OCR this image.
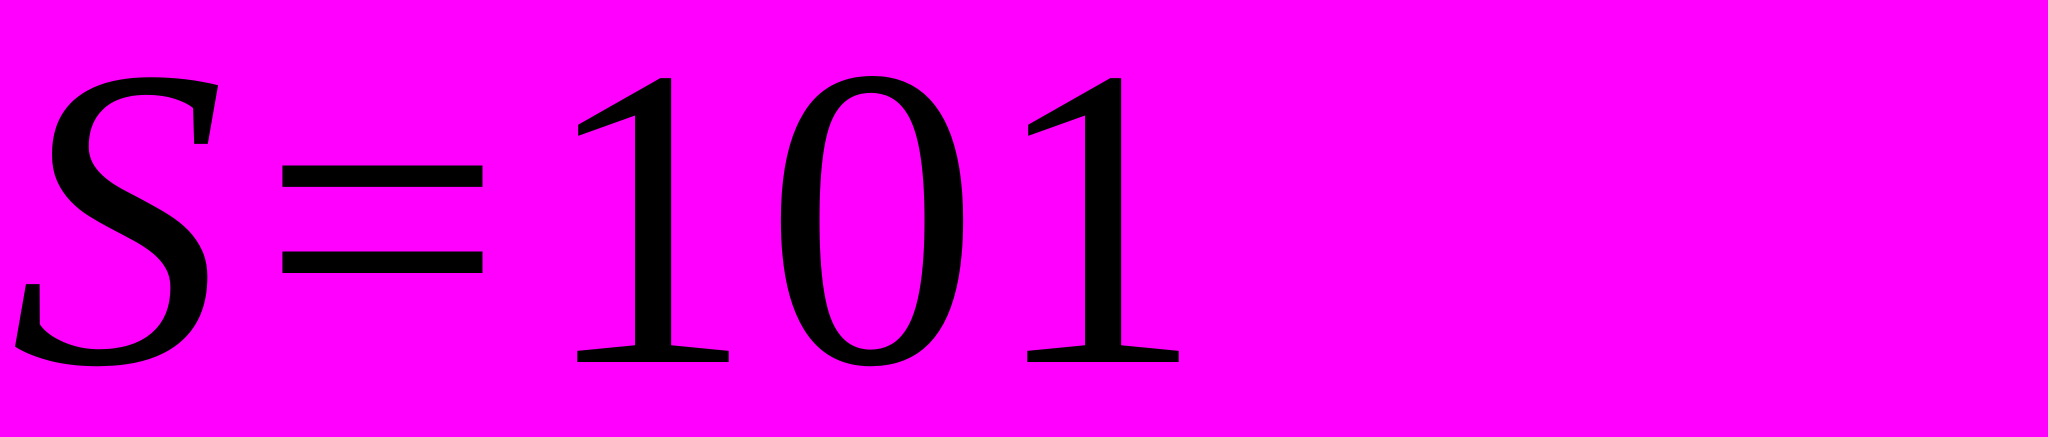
S = 101
